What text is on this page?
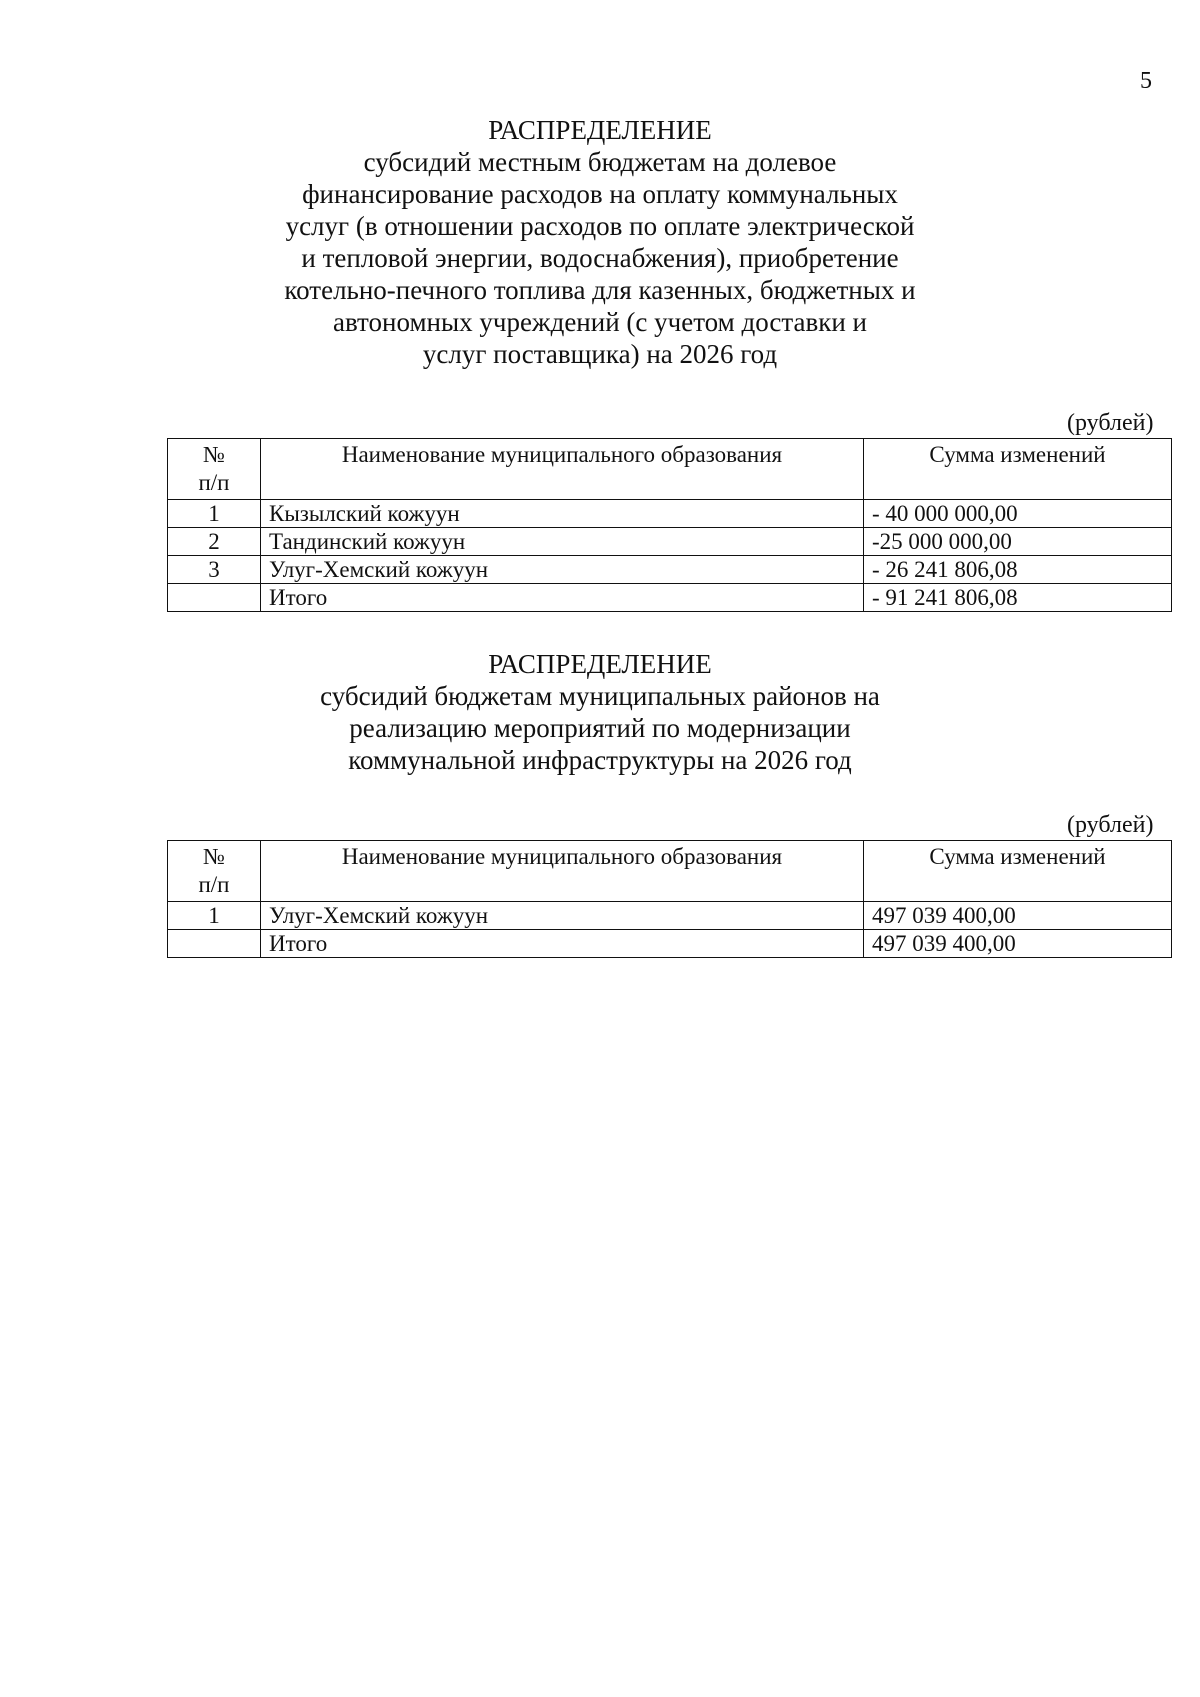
5

РАСПРЕДЕЛЕНИЕ

субсидий местным бюджетам на долевое
финансирование расходов на оплату коммунальных
услуг (в отношении расходов по оплате электрической
и тепловой энергии, водоснабжения), приобретение
котельно-печного топлива для казенных, бюджетных и
автономных учреждений (с учетом доставки и
услуг поставщика) на 2026 год

(рублей)
№
п/п	Наименование муниципального образования	Сумма изменений
1	Кызылский кожуун	- 40 000 000,00
2	Тандинский кожуун	-25 000 000,00
3	Улуг-Хемский кожуун	- 26 241 806,08
	Итого	- 91 241 806,08

РАСПРЕДЕЛЕНИЕ

субсидий бюджетам муниципальных районов на
реализацию мероприятий по модернизации
коммунальной инфраструктуры на 2026 год

(рублей)
№
п/п	Наименование муниципального образования	Сумма изменений
1	Улуг-Хемский кожуун	497 039 400,00
	Итого	497 039 400,00
